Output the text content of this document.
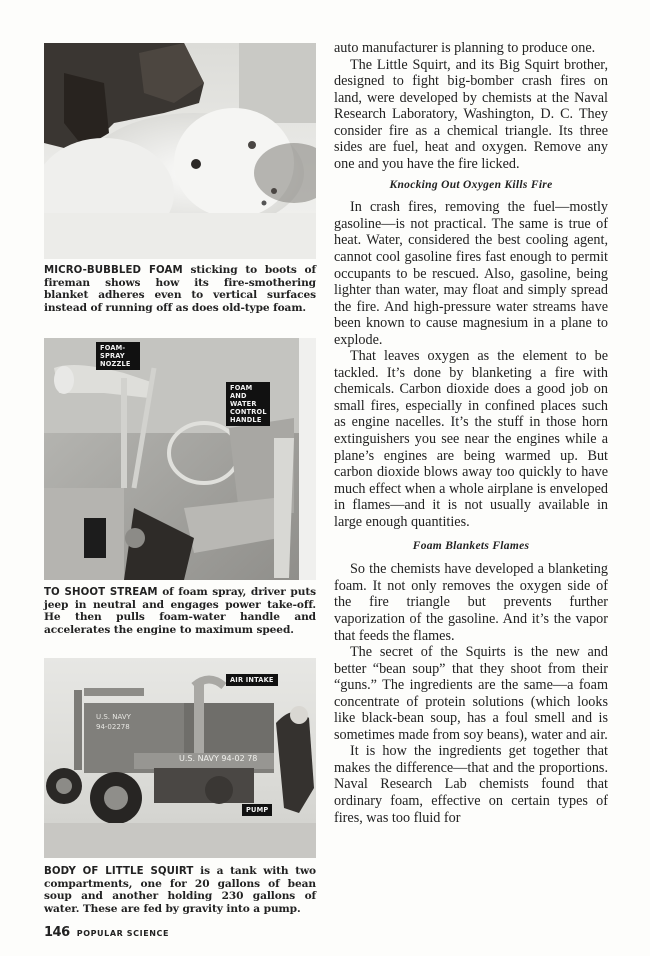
MICRO-BUBBLED FOAM sticking to boots of fireman shows how its fire-smothering blanket adheres even to vertical surfaces instead of running off as does old-type foam.
FOAM-SPRAY NOZZLE
FOAM AND WATER CONTROL HANDLE
TO SHOOT STREAM of foam spray, driver puts jeep in neutral and engages power take-off. He then pulls foam-water handle and accelerates the engine to maximum speed.
AIR INTAKE
PUMP
U.S. NAVY
94-02278
U.S. NAVY 94-02 78
BODY OF LITTLE SQUIRT is a tank with two compartments, one for 20 gallons of bean soup and another holding 230 gallons of water. These are fed by gravity into a pump.
146 POPULAR SCIENCE

auto manufacturer is planning to produce one.

The Little Squirt, and its Big Squirt brother, designed to fight big-bomber crash fires on land, were developed by chemists at the Naval Research Laboratory, Washington, D. C. They consider fire as a chemical triangle. Its three sides are fuel, heat and oxygen. Remove any one and you have the fire licked.

Knocking Out Oxygen Kills Fire

In crash fires, removing the fuel—mostly gasoline—is not practical. The same is true of heat. Water, considered the best cooling agent, cannot cool gasoline fires fast enough to permit occupants to be rescued. Also, gasoline, being lighter than water, may float and simply spread the fire. And high-pressure water streams have been known to cause magnesium in a plane to explode.

That leaves oxygen as the element to be tackled. It’s done by blanketing a fire with chemicals. Carbon dioxide does a good job on small fires, especially in confined places such as engine nacelles. It’s the stuff in those horn extinguishers you see near the engines while a plane’s engines are being warmed up. But carbon dioxide blows away too quickly to have much effect when a whole airplane is enveloped in flames—and it is not usually available in large enough quantities.

Foam Blankets Flames

So the chemists have developed a blanketing foam. It not only removes the oxygen side of the fire triangle but prevents further vaporization of the gasoline. And it’s the vapor that feeds the flames.

The secret of the Squirts is the new and better “bean soup” that they shoot from their “guns.” The ingredients are the same—a foam concentrate of protein solutions (which looks like black-bean soup, has a foul smell and is sometimes made from soy beans), water and air.

It is how the ingredients get together that makes the difference—that and the proportions. Naval Research Lab chemists found that ordinary foam, effective on certain types of fires, was too fluid for
